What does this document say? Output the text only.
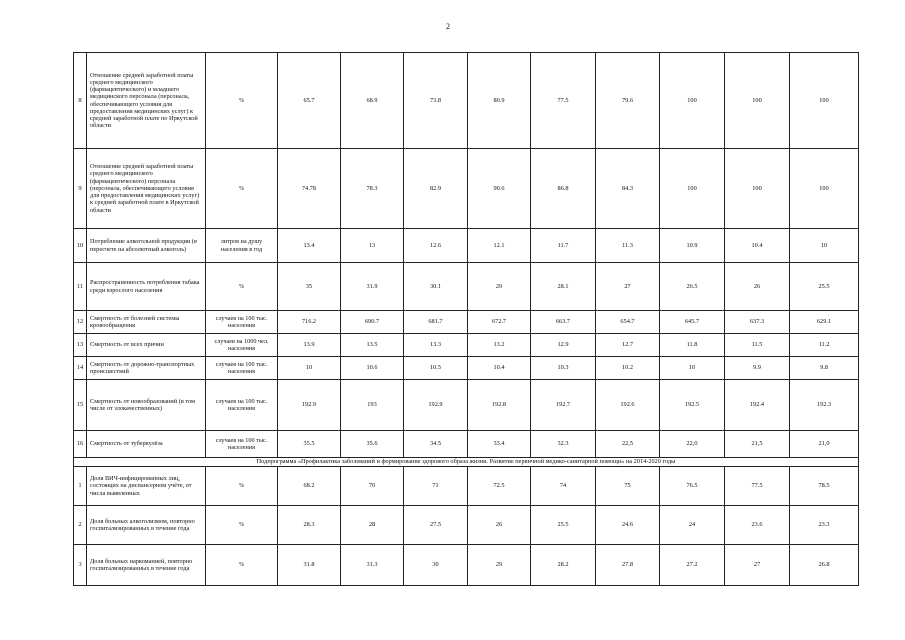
2
8	Отношение средней заработной платы среднего медицинского (фармацевтического) и младшего медицинского персонала (персонала, обеспечивающего условия для предоставления медицинских услуг) к средней заработной плате по Иркутской области	%	65.7	68.9	73.8	80.9	77.5	79.6	100	100	100
9	Отношение средней заработной платы среднего медицинского (фармацевтического) персонала (персонала, обеспечивающего условия для предоставления медицинских услуг) к средней заработной плате в Иркутской области	%	74.78	78.3	82.9	90.6	86.8	84.3	100	100	100
10	Потребление алкогольной продукции (в пересчете на абсолютный алкоголь)	литров на душу населения в год	13.4	13	12.6	12.1	11.7	11.3	10.9	10.4	10
11	Распространенность потребления табака среди взрослого населения	%	35	31.9	30.1	29	28.1	27	26.5	26	25.5
12	Смертность от болезней системы кровообращения	случаев на 100 тыс. населения	716.2	690.7	681.7	672.7	663.7	654.7	645.7	637.3	629.1
13	Смертность от всех причин	случаев на 1000 чел. населения	13.9	13.5	13.3	13.2	12.9	12.7	11.8	11.5	11.2
14	Смертность от дорожно-транспортных происшествий	случаев на 100 тыс. населения	10	10.6	10.5	10.4	10.3	10.2	10	9.9	9.8
15	Смертность от новообразований (в том числе от злокачественных)	случаев на 100 тыс. населения	192.9	193	192.9	192.8	192.7	192.6	192.5	192.4	192.3
16	Смертность от туберкулёза	случаев на 100 тыс. населения	35.5	35.6	34.5	33.4	32.3	22,5	22,0	21,5	21,0
Подпрограмма «Профилактика заболеваний и формирование здорового образа жизни. Развитие первичной медико-санитарной помощи» на 2014-2020 годы											
1	Доля ВИЧ-инфицированных лиц, состоящих на диспансерном учёте, от числа выявленных	%	68.2	70	71	72.5	74	75	76.5	77.5	78.5
2	Доля больных алкоголизмом, повторно госпитализированных в течение года	%	28.3	28	27.5	26	25.5	24.6	24	23.6	23.3
3	Доля больных наркоманией, повторно госпитализированных в течение года	%	31.8	31.3	30	29	28.2	27.8	27.2	27	26.8
